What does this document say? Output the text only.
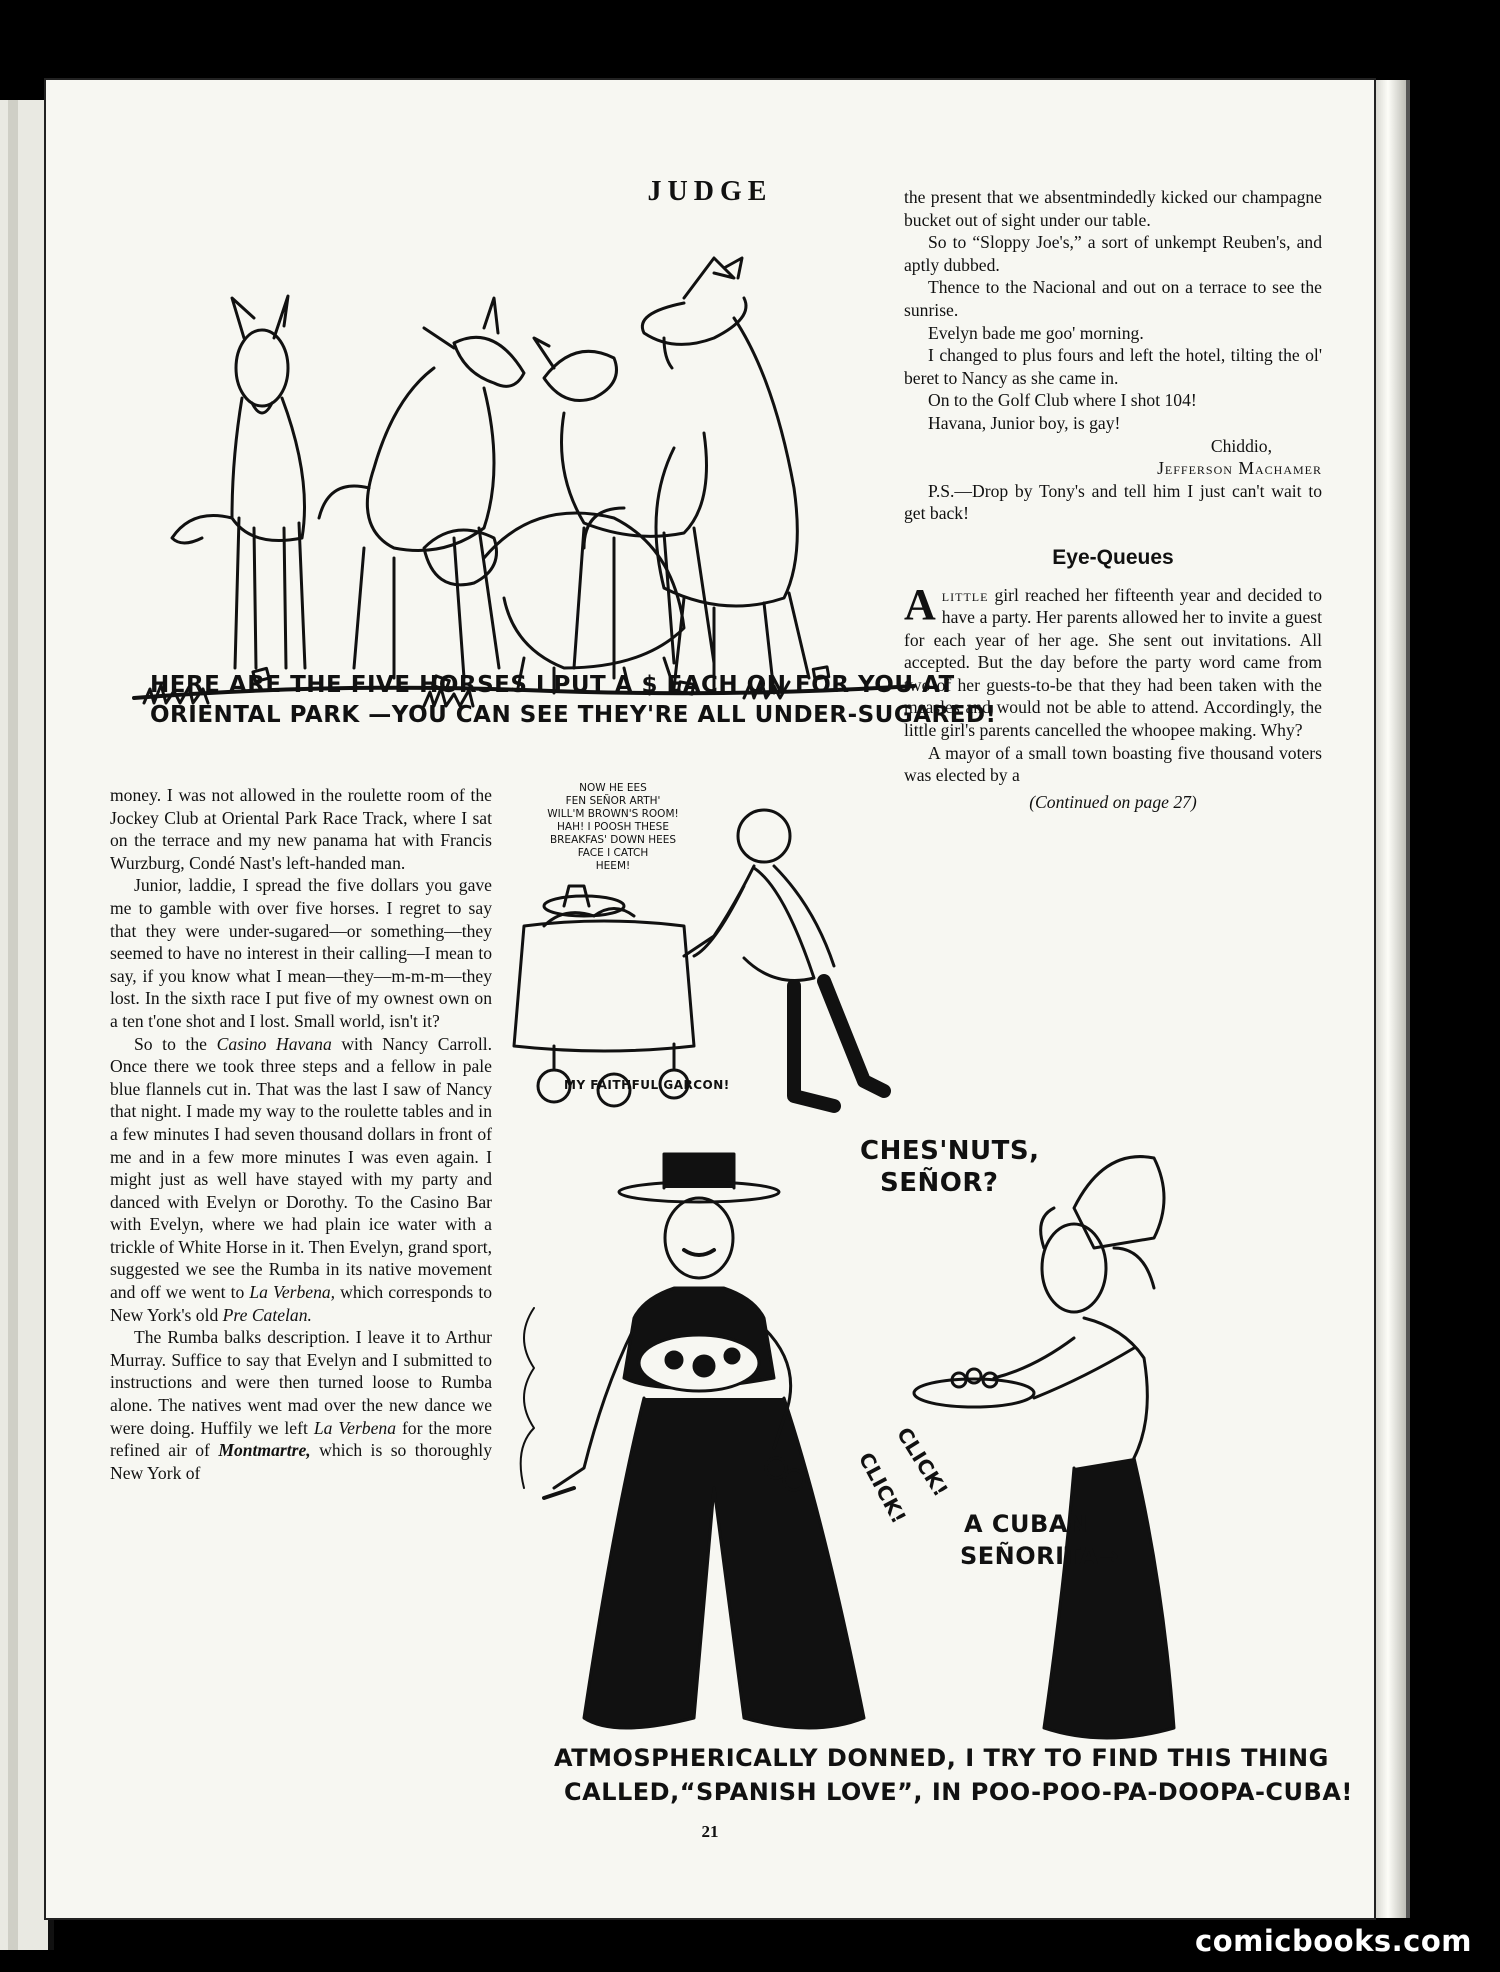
JUDGE
HERE ARE THE FIVE HORSES I PUT A $ EACH ON FOR YOU AT
ORIENTAL PARK —YOU CAN SEE THEY'RE ALL UNDER-SUGARED!

the present that we absentmindedly kicked our champagne bucket out of sight under our table.

So to “Sloppy Joe's,” a sort of unkempt Reuben's, and aptly dubbed.

Thence to the Nacional and out on a terrace to see the sunrise.

Evelyn bade me goo' morning.

I changed to plus fours and left the hotel, tilting the ol' beret to Nancy as she came in.

On to the Golf Club where I shot 104!

Havana, Junior boy, is gay!

Chiddio,
Jefferson Machamer

P.S.—Drop by Tony's and tell him I just can't wait to get back!

Eye-Queues

Alittle girl reached her fifteenth year and decided to have a party. Her parents allowed her to invite a guest for each year of her age. She sent out invitations. All accepted. But the day before the party word came from two of her guests-to-be that they had been taken with the measles and would not be able to attend. Accordingly, the little girl's parents cancelled the whoopee making. Why?

A mayor of a small town boasting five thousand voters was elected by a

(Continued on page 27)
NOW HE EES
FEN SEÑOR ARTH'
WILL'M BROWN'S ROOM!
HAH! I POOSH THESE
BREAKFAS' DOWN HEES
FACE I CATCH
HEEM!
MY FAITHFUL GARCON!

money. I was not allowed in the roulette room of the Jockey Club at Oriental Park Race Track, where I sat on the terrace and my new panama hat with Francis Wurzburg, Condé Nast's left-handed man.

Junior, laddie, I spread the five dollars you gave me to gamble with over five horses. I regret to say that they were under-sugared—or something—they seemed to have no interest in their calling—I mean to say, if you know what I mean—they—m-m-m—they lost. In the sixth race I put five of my ownest own on a ten t'one shot and I lost. Small world, isn't it?

So to the Casino Havana with Nancy Carroll. Once there we took three steps and a fellow in pale blue flannels cut in. That was the last I saw of Nancy that night. I made my way to the roulette tables and in a few minutes I had seven thousand dollars in front of me and in a few more minutes I was even again. I might just as well have stayed with my party and danced with Evelyn or Dorothy. To the Casino Bar with Evelyn, where we had plain ice water with a trickle of White Horse in it. Then Evelyn, grand sport, suggested we see the Rumba in its native movement and off we went to La Verbena, which corresponds to New York's old Pre Catelan.

The Rumba balks description. I leave it to Arthur Murray. Suffice to say that Evelyn and I submitted to instructions and were then turned loose to Rumba alone. The natives went mad over the new dance we were doing. Huffily we left La Verbena for the more refined air of Montmartre, which is so thoroughly New York of

CHES'NUTS,
SEÑOR?
CLICK!
CLICK! A CUBAN
SEÑORITA→
ATMOSPHERICALLY DONNED, I TRY TO FIND THIS THING
CALLED,“SPANISH LOVE”, IN POO-POO-PA-DOOPA-CUBA!
21
comicbooks.com
